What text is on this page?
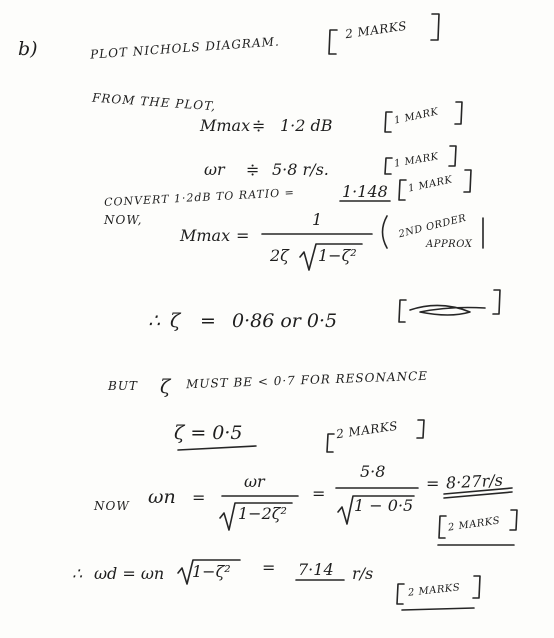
b)	PLOT NICHOLS DIAGRAM.
2 MARKS
FROM THE PLOT,
Mmax ≑ 1·2 dB	1 MARK
ωr ≑ 5·8 r/s.	1 MARK
CONVERT 1·2dB TO RATIO =	1·148 1 MARK
NOW,
Mmax =
1
2ζ 1−ζ²
2ND ORDER
APPROX
∴ ζ = 0·86 or 0·5
BUT ζ MUST BE < 0·7 FOR RESONANCE
ζ = 0·5	2 MARKS
NOW ωn =
ωr
1−2ζ²
=
5·8
1 − 0·5
= 8·27r/s
2 MARKS
∴ ωd = ωn 1−ζ² = 7·14 r/s
2 MARKS
